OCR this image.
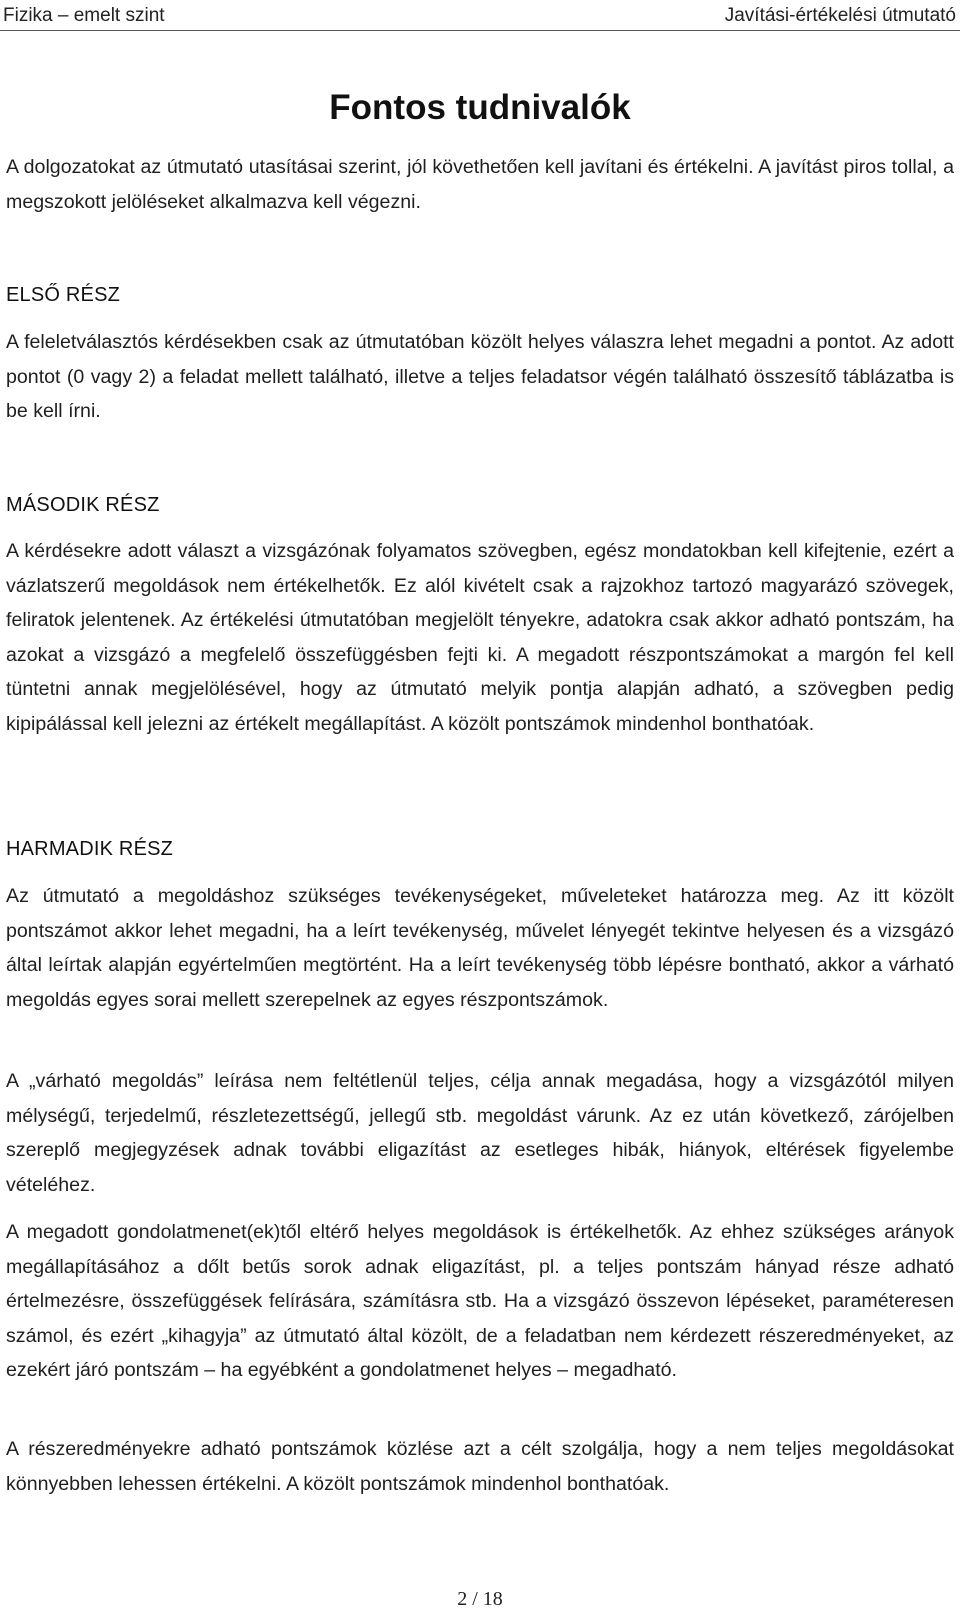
Fizika – emelt szint	Javítási-értékelési útmutató
Fontos tudnivalók

A dolgozatokat az útmutató utasításai szerint, jól követhetően kell javítani és értékelni. A javítást piros tollal, a megszokott jelöléseket alkalmazva kell végezni.

ELSŐ RÉSZ

A feleletválasztós kérdésekben csak az útmutatóban közölt helyes válaszra lehet megadni a pontot. Az adott pontot (0 vagy 2) a feladat mellett található, illetve a teljes feladatsor végén található összesítő táblázatba is be kell írni.

MÁSODIK RÉSZ

A kérdésekre adott választ a vizsgázónak folyamatos szövegben, egész mondatokban kell kifejtenie, ezért a vázlatszerű megoldások nem értékelhetők. Ez alól kivételt csak a rajzokhoz tartozó magyarázó szövegek, feliratok jelentenek. Az értékelési útmutatóban megjelölt tényekre, adatokra csak akkor adható pontszám, ha azokat a vizsgázó a megfelelő összefüggésben fejti ki. A megadott részpontszámokat a margón fel kell tüntetni annak megjelölésével, hogy az útmutató melyik pontja alapján adható, a szövegben pedig kipipálással kell jelezni az értékelt megállapítást. A közölt pontszámok mindenhol bonthatóak.

HARMADIK RÉSZ

Az útmutató a megoldáshoz szükséges tevékenységeket, műveleteket határozza meg. Az itt közölt pontszámot akkor lehet megadni, ha a leírt tevékenység, művelet lényegét tekintve helyesen és a vizsgázó által leírtak alapján egyértelműen megtörtént. Ha a leírt tevékenység több lépésre bontható, akkor a várható megoldás egyes sorai mellett szerepelnek az egyes részpontszámok.

A „várható megoldás” leírása nem feltétlenül teljes, célja annak megadása, hogy a vizsgázótól milyen mélységű, terjedelmű, részletezettségű, jellegű stb. megoldást várunk. Az ez után következő, zárójelben szereplő megjegyzések adnak további eligazítást az esetleges hibák, hiányok, eltérések figyelembe vételéhez.

A megadott gondolatmenet(ek)től eltérő helyes megoldások is értékelhetők. Az ehhez szükséges arányok megállapításához a dőlt betűs sorok adnak eligazítást, pl. a teljes pontszám hányad része adható értelmezésre, összefüggések felírására, számításra stb. Ha a vizsgázó összevon lépéseket, paraméteresen számol, és ezért „kihagyja” az útmutató által közölt, de a feladatban nem kérdezett részeredményeket, az ezekért járó pontszám – ha egyébként a gondolatmenet helyes – megadható.

A részeredményekre adható pontszámok közlése azt a célt szolgálja, hogy a nem teljes megoldásokat könnyebben lehessen értékelni. A közölt pontszámok mindenhol bonthatóak.

2 / 18
